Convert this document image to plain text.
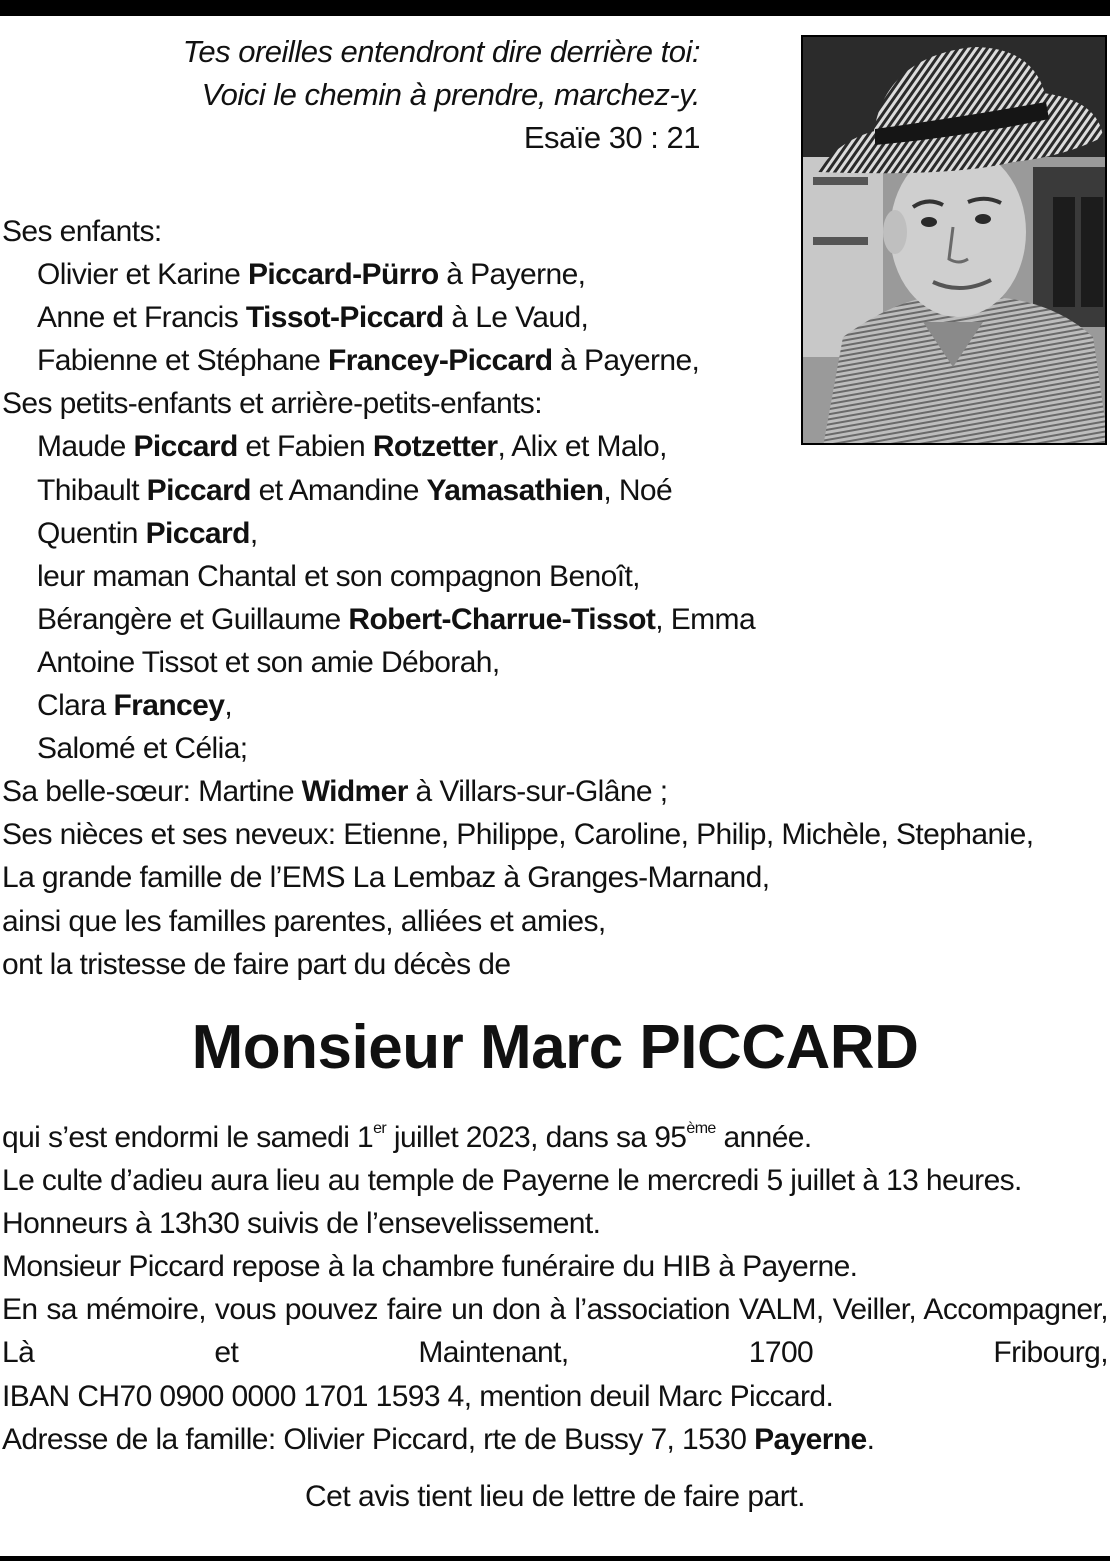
Tes oreilles entendront dire derrière toi:
Voici le chemin à prendre, marchez-y.
Esaïe 30 : 21
Ses enfants:
Olivier et Karine Piccard-Pürro à Payerne,
Anne et Francis Tissot-Piccard à Le Vaud,
Fabienne et Stéphane Francey-Piccard à Payerne,
Ses petits-enfants et arrière-petits-enfants:
Maude Piccard et Fabien Rotzetter, Alix et Malo,
Thibault Piccard et Amandine Yamasathien, Noé
Quentin Piccard,
leur maman Chantal et son compagnon Benoît,
Bérangère et Guillaume Robert-Charrue-Tissot, Emma
Antoine Tissot et son amie Déborah,
Clara Francey,
Salomé et Célia;
Sa belle-sœur: Martine Widmer à Villars-sur-Glâne ;
Ses nièces et ses neveux: Etienne, Philippe, Caroline, Philip, Michèle, Stephanie,
La grande famille de l’EMS La Lembaz à Granges-Marnand,
ainsi que les familles parentes, alliées et amies,
ont la tristesse de faire part du décès de
Monsieur Marc PICCARD
qui s’est endormi le samedi 1er juillet 2023, dans sa 95ème année.
Le culte d’adieu aura lieu au temple de Payerne le mercredi 5 juillet à 13 heures.
Honneurs à 13h30 suivis de l’ensevelissement.
Monsieur Piccard repose à la chambre funéraire du HIB à Payerne.
En sa mémoire, vous pouvez faire un don à l’association VALM, Veiller, Accompagner, Là et Maintenant, 1700 Fribourg,
IBAN CH70 0900 0000 1701 1593 4, mention deuil Marc Piccard.
Adresse de la famille: Olivier Piccard, rte de Bussy 7, 1530 Payerne.
Cet avis tient lieu de lettre de faire part.
